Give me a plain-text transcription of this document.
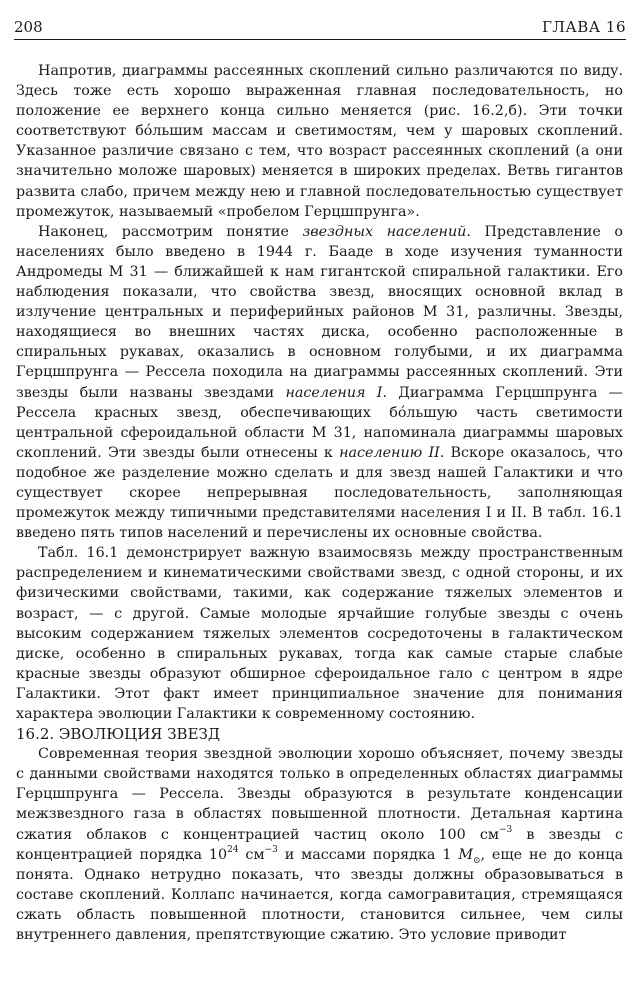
208	ГЛАВА 16

Напротив, диаграммы рассеянных скоплений сильно различаются по виду. Здесь тоже есть хорошо выраженная главная последовательность, но положение ее верхнего конца сильно меняется (рис. 16.2,б). Эти точки соответствуют бóльшим массам и светимостям, чем у шаровых скоплений. Указанное различие связано с тем, что возраст рассеянных скоплений (а они значительно моложе шаровых) меняется в широких пределах. Ветвь гигантов развита слабо, причем между нею и главной последовательностью существует промежуток, называемый «пробелом Герцшпрунга».

Наконец, рассмотрим понятие звездных населений. Представление о населениях было введено в 1944 г. Бааде в ходе изучения туманности Андромеды М 31 — ближайшей к нам гигантской спиральной галактики. Его наблюдения показали, что свойства звезд, вносящих основной вклад в излучение центральных и периферийных районов М 31, различны. Звезды, находящиеся во внешних частях диска, особенно расположенные в спиральных рукавах, оказались в основном голубыми, и их диаграмма Герцшпрунга — Рессела походила на диаграммы рассеянных скоплений. Эти звезды были названы звездами населения I. Диаграмма Герцшпрунга — Рессела красных звезд, обеспечивающих бóльшую часть светимости центральной сфероидальной области М 31, напоминала диаграммы шаровых скоплений. Эти звезды были отнесены к населению II. Вскоре оказалось, что подобное же разделение можно сделать и для звезд нашей Галактики и что существует скорее непрерывная последовательность, заполняющая промежуток между типичными представителями населения I и II. В табл. 16.1 введено пять типов населений и перечислены их основные свойства.

Табл. 16.1 демонстрирует важную взаимосвязь между пространственным распределением и кинематическими свойствами звезд, с одной стороны, и их физическими свойствами, такими, как содержание тяжелых элементов и возраст, — с другой. Самые молодые ярчайшие голубые звезды с очень высоким содержанием тяжелых элементов сосредоточены в галактическом диске, особенно в спиральных рукавах, тогда как самые старые слабые красные звезды образуют обширное сфероидальное гало с центром в ядре Галактики. Этот факт имеет принципиальное значение для понимания характера эволюции Галактики к современному состоянию.

16.2. ЭВОЛЮЦИЯ ЗВЕЗД

Современная теория звездной эволюции хорошо объясняет, почему звезды с данными свойствами находятся только в определенных областях диаграммы Герцшпрунга — Рессела. Звезды образуются в результате конденсации межзвездного газа в областях повышенной плотности. Детальная картина сжатия облаков с концентрацией частиц около 100 $см^{-3}$ в звезды с концентрацией порядка $10^{24}$ $см^{-3}$ и массами порядка 1 $M_⊙$, еще не до конца понята. Однако нетрудно показать, что звезды должны образовываться в составе скоплений. Коллапс начинается, когда самогравитация, стремящаяся сжать область повышенной плотности, становится сильнее, чем силы внутреннего давления, препятствующие сжатию. Это условие приводит
